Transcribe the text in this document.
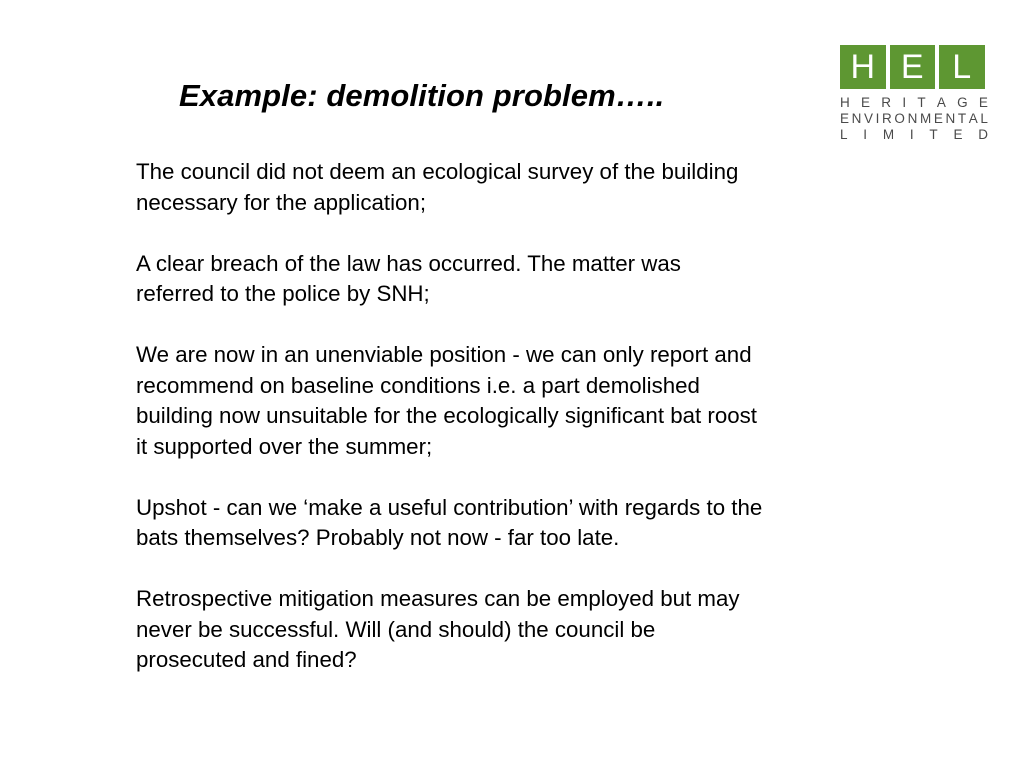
Example: demolition problem…..
H E L
H E R I T A G E
E N V I R O N M E N T A L
L I M I T E D

The council did not deem an ecological survey of the building
necessary for the application;

A clear breach of the law has occurred. The matter was
referred to the police by SNH;

We are now in an unenviable position - we can only report and
recommend on baseline conditions i.e. a part demolished
building now unsuitable for the ecologically significant bat roost
it supported over the summer;

Upshot - can we ‘make a useful contribution’ with regards to the
bats themselves? Probably not now - far too late.

Retrospective mitigation measures can be employed but may
never be successful. Will (and should) the council be
prosecuted and fined?
